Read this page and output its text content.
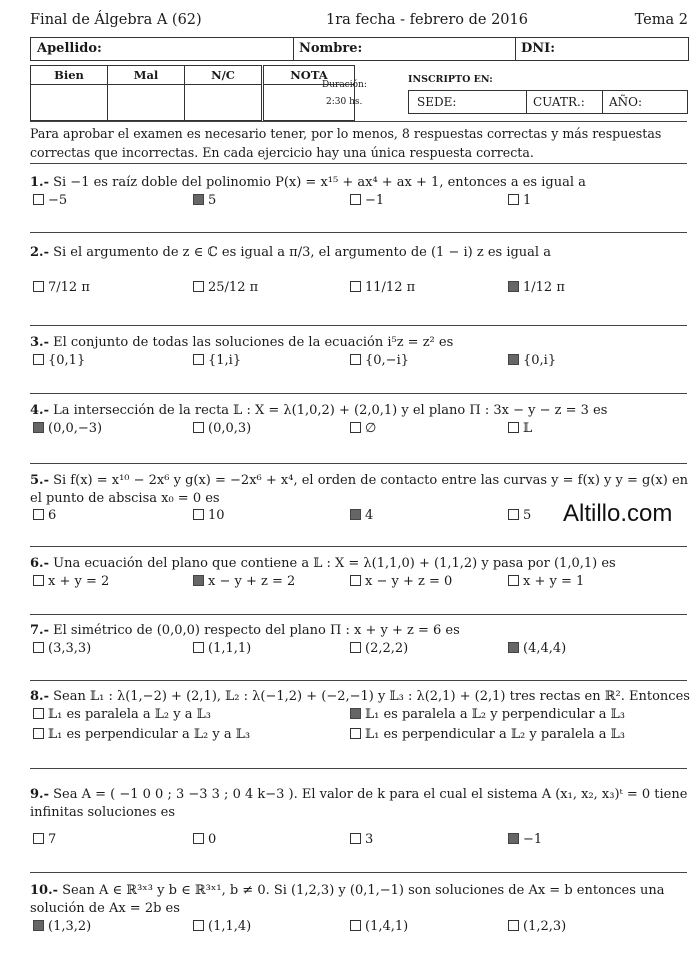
Final de Álgebra A (62)	1ra fecha - febrero de 2016	Tema 2
Apellido:	Nombre:	DNI:
Bien	Mal	N/C	NOTA

Duración:
2:30 hs.
INSCRIPTO EN:
SEDE:	CUATR.: AÑO:
Para aprobar el examen es necesario tener, por lo menos, 8 respuestas correctas y más respuestas correctas que incorrectas. En cada ejercicio hay una única respuesta correcta.
1.- Si −1 es raíz doble del polinomio P(x) = x¹⁵ + ax⁴ + ax + 1, entonces a es igual a
−5	5	−1	1
2.- Si el argumento de z ∈ ℂ es igual a π/3, el argumento de (1 − i) z es igual a
7/12 π	25/12 π	11/12 π	1/12 π
3.- El conjunto de todas las soluciones de la ecuación i⁵z = z² es
{0,1}	{1,i}	{0,−i}	{0,i}
4.- La intersección de la recta 𝕃 : X = λ(1,0,2) + (2,0,1) y el plano Π : 3x − y − z = 3 es
(0,0,−3)	(0,0,3)	∅	𝕃
5.- Si f(x) = x¹⁰ − 2x⁶ y g(x) = −2x⁶ + x⁴, el orden de contacto entre las curvas y = f(x) y y = g(x) en el punto de abscisa x₀ = 0 es
6	10	4	5
6.- Una ecuación del plano que contiene a 𝕃 : X = λ(1,1,0) + (1,1,2) y pasa por (1,0,1) es
x + y = 2	x − y + z = 2	x − y + z = 0	x + y = 1
7.- El simétrico de (0,0,0) respecto del plano Π : x + y + z = 6 es
(3,3,3)	(1,1,1)	(2,2,2)	(4,4,4)
8.- Sean 𝕃₁ : λ(1,−2) + (2,1), 𝕃₂ : λ(−1,2) + (−2,−1) y 𝕃₃ : λ(2,1) + (2,1) tres rectas en ℝ². Entonces
𝕃₁ es paralela a 𝕃₂ y a 𝕃₃	𝕃₁ es paralela a 𝕃₂ y perpendicular a 𝕃₃
𝕃₁ es perpendicular a 𝕃₂ y a 𝕃₃	𝕃₁ es perpendicular a 𝕃₂ y paralela a 𝕃₃
9.- Sea A = ( −1 0 0 ; 3 −3 3 ; 0 4 k−3 ). El valor de k para el cual el sistema A (x₁, x₂, x₃)ᵗ = 0 tiene infinitas soluciones es
7	0	3	−1
10.- Sean A ∈ ℝ³ˣ³ y b ∈ ℝ³ˣ¹, b ≠ 0. Si (1,2,3) y (0,1,−1) son soluciones de Ax = b entonces una solución de Ax = 2b es
(1,3,2)	(1,1,4)	(1,4,1)	(1,2,3)
Altillo.com
